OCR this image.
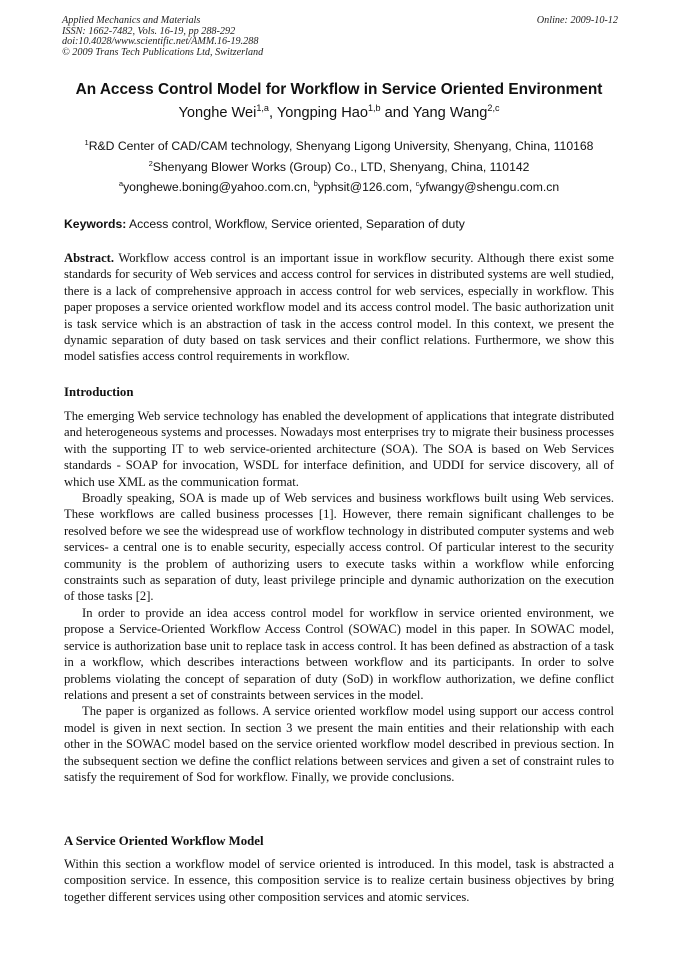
Applied Mechanics and Materials
ISSN: 1662-7482, Vols. 16-19, pp 288-292
doi:10.4028/www.scientific.net/AMM.16-19.288
© 2009 Trans Tech Publications Ltd, Switzerland
Online: 2009-10-12
An Access Control Model for Workflow in Service Oriented Environment
Yonghe Wei$^{1,a}$, Yongping Hao$^{1,b}$ and Yang Wang$^{2,c}$
$^1$R&D Center of CAD/CAM technology, Shenyang Ligong University, Shenyang, China, 110168
$^2$Shenyang Blower Works (Group) Co., LTD, Shenyang, China, 110142
$^a$yonghewe.boning@yahoo.com.cn, $^b$yphsit@126.com, $^c$yfwangy@shengu.com.cn
Keywords: Access control, Workflow, Service oriented, Separation of duty

Abstract. Workflow access control is an important issue in workflow security. Although there exist some standards for security of Web services and access control for services in distributed systems are well studied, there is a lack of comprehensive approach in access control for web services, especially in workflow. This paper proposes a service oriented workflow model and its access control model. The basic authorization unit is task service which is an abstraction of task in the access control model. In this context, we present the dynamic separation of duty based on task services and their conflict relations. Furthermore, we show this model satisfies access control requirements in workflow.

Introduction

The emerging Web service technology has enabled the development of applications that integrate distributed and heterogeneous systems and processes. Nowadays most enterprises try to migrate their business processes with the supporting IT to web service-oriented architecture (SOA). The SOA is based on Web Services standards - SOAP for invocation, WSDL for interface definition, and UDDI for service discovery, all of which use XML as the communication format.

Broadly speaking, SOA is made up of Web services and business workflows built using Web services. These workflows are called business processes [1]. However, there remain significant challenges to be resolved before we see the widespread use of workflow technology in distributed computer systems and web services- a central one is to enable security, especially access control. Of particular interest to the security community is the problem of authorizing users to execute tasks within a workflow while enforcing constraints such as separation of duty, least privilege principle and dynamic authorization on the execution of those tasks [2].

In order to provide an idea access control model for workflow in service oriented environment, we propose a Service-Oriented Workflow Access Control (SOWAC) model in this paper. In SOWAC model, service is authorization base unit to replace task in access control. It has been defined as abstraction of a task in a workflow, which describes interactions between workflow and its participants. In order to solve problems violating the concept of separation of duty (SoD) in workflow authorization, we define conflict relations and present a set of constraints between services in the model.

The paper is organized as follows. A service oriented workflow model using support our access control model is given in next section. In section 3 we present the main entities and their relationship with each other in the SOWAC model based on the service oriented workflow model described in previous section. In the subsequent section we define the conflict relations between services and given a set of constraint rules to satisfy the requirement of Sod for workflow. Finally, we provide conclusions.

A Service Oriented Workflow Model

Within this section a workflow model of service oriented is introduced. In this model, task is abstracted a composition service. In essence, this composition service is to realize certain business objectives by bring together different services using other composition services and atomic services.
